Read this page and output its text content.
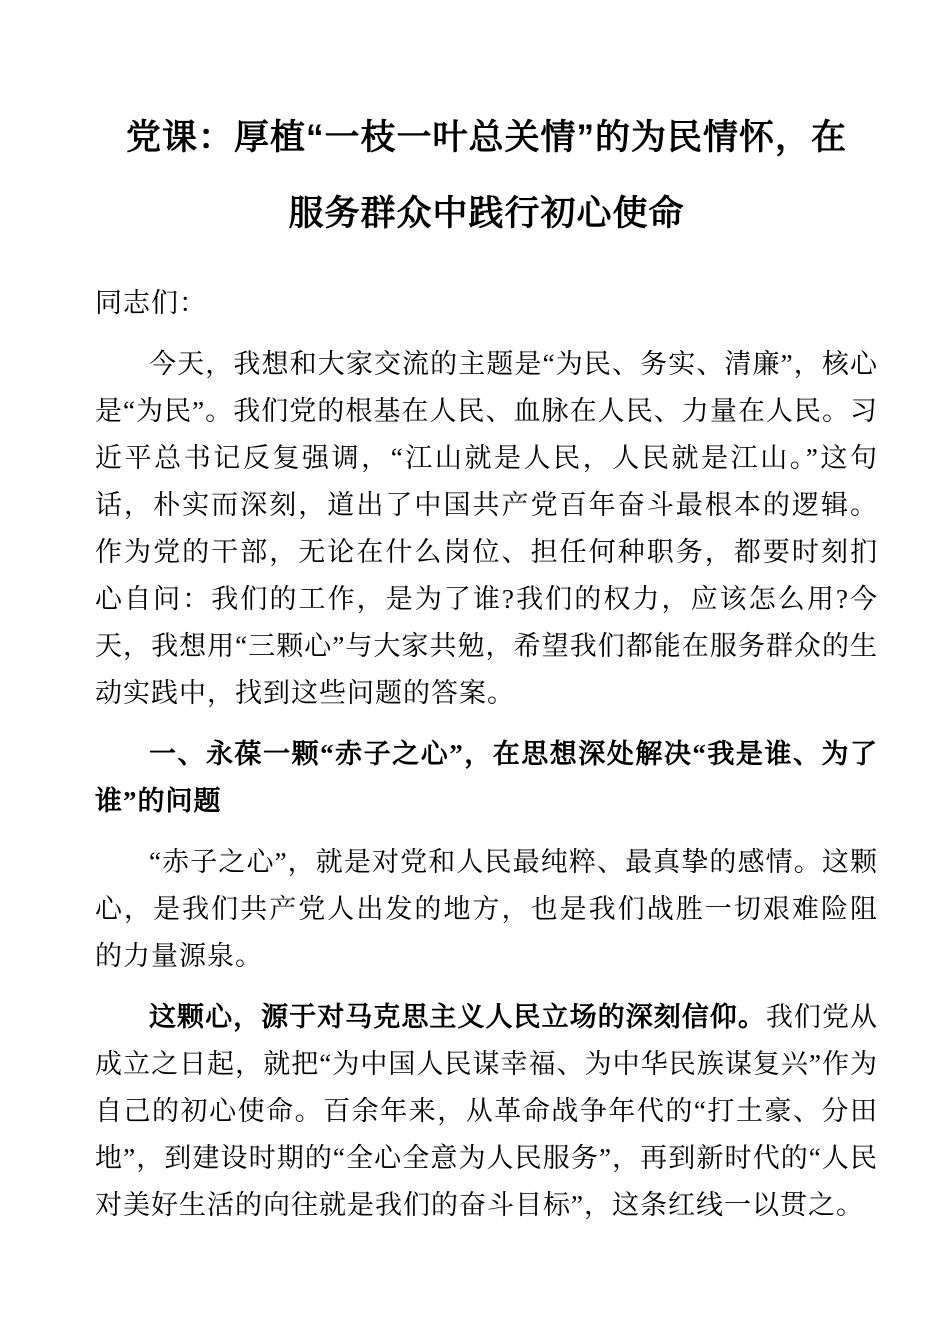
党课：厚植“一枝一叶总关情”的为民情怀，在
服务群众中践行初心使命

同志们：

今天，我想和大家交流的主题是“为民、务实、清廉”，核心是“为民”。我们党的根基在人民、血脉在人民、力量在人民。习近平总书记反复强调，“江山就是人民，人民就是江山。”这句话，朴实而深刻，道出了中国共产党百年奋斗最根本的逻辑。作为党的干部，无论在什么岗位、担任何种职务，都要时刻扪心自问：我们的工作，是为了谁?我们的权力，应该怎么用?今天，我想用“三颗心”与大家共勉，希望我们都能在服务群众的生动实践中，找到这些问题的答案。

一、永葆一颗“赤子之心”，在思想深处解决“我是谁、为了谁”的问题

“赤子之心”，就是对党和人民最纯粹、最真挚的感情。这颗心，是我们共产党人出发的地方，也是我们战胜一切艰难险阻的力量源泉。

这颗心，源于对马克思主义人民立场的深刻信仰。我们党从成立之日起，就把“为中国人民谋幸福、为中华民族谋复兴”作为自己的初心使命。百余年来，从革命战争年代的“打土豪、分田地”，到建设时期的“全心全意为人民服务”，再到新时代的“人民对美好生活的向往就是我们的奋斗目标”，这条红线一以贯之。
